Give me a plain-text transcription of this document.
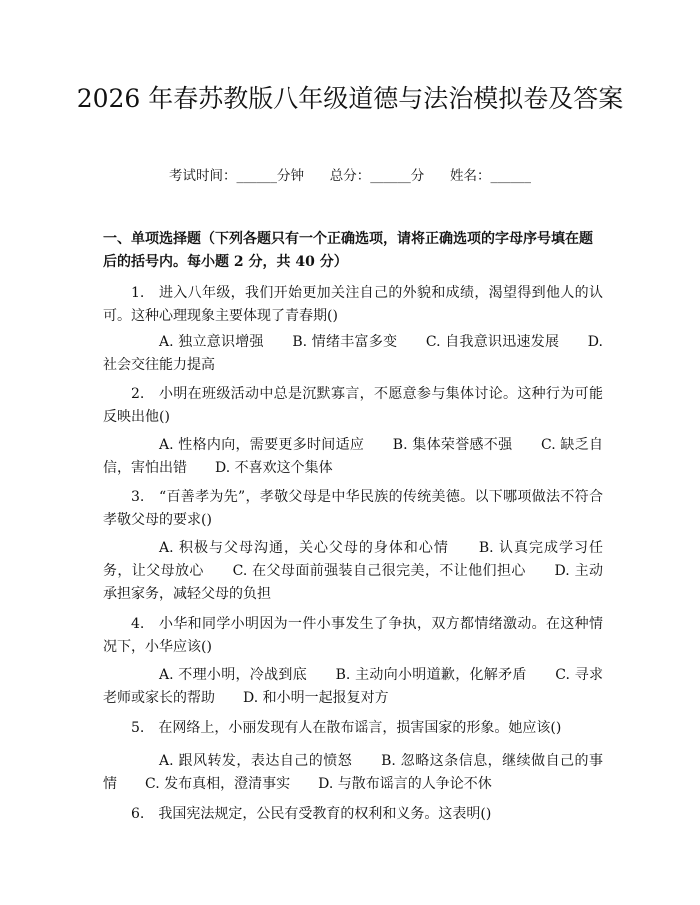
2026 年春苏教版八年级道德与法治模拟卷及答案
考试时间：______分钟 总分：______分 姓名：______

一、单项选择题（下列各题只有一个正确选项，请将正确选项的字母序号填在题后的括号内。每小题 2 分，共 40 分）

1.　进入八年级，我们开始更加关注自己的外貌和成绩，渴望得到他人的认可。这种心理现象主要体现了青春期()

A. 独立意识增强　　B. 情绪丰富多变　　C. 自我意识迅速发展　　D. 社会交往能力提高

2.　小明在班级活动中总是沉默寡言，不愿意参与集体讨论。这种行为可能反映出他()

A. 性格内向，需要更多时间适应　　B. 集体荣誉感不强　　C. 缺乏自信，害怕出错　　D. 不喜欢这个集体

3.　“百善孝为先”，孝敬父母是中华民族的传统美德。以下哪项做法不符合孝敬父母的要求()

A. 积极与父母沟通，关心父母的身体和心情　　B. 认真完成学习任务，让父母放心　　C. 在父母面前强装自己很完美，不让他们担心　　D. 主动承担家务，减轻父母的负担

4.　小华和同学小明因为一件小事发生了争执，双方都情绪激动。在这种情况下，小华应该()

A. 不理小明，冷战到底　　B. 主动向小明道歉，化解矛盾　　C. 寻求老师或家长的帮助　　D. 和小明一起报复对方

5.　在网络上，小丽发现有人在散布谣言，损害国家的形象。她应该()

A. 跟风转发，表达自己的愤怒　　B. 忽略这条信息，继续做自己的事情　　C. 发布真相，澄清事实　　D. 与散布谣言的人争论不休

6.　我国宪法规定，公民有受教育的权利和义务。这表明()
